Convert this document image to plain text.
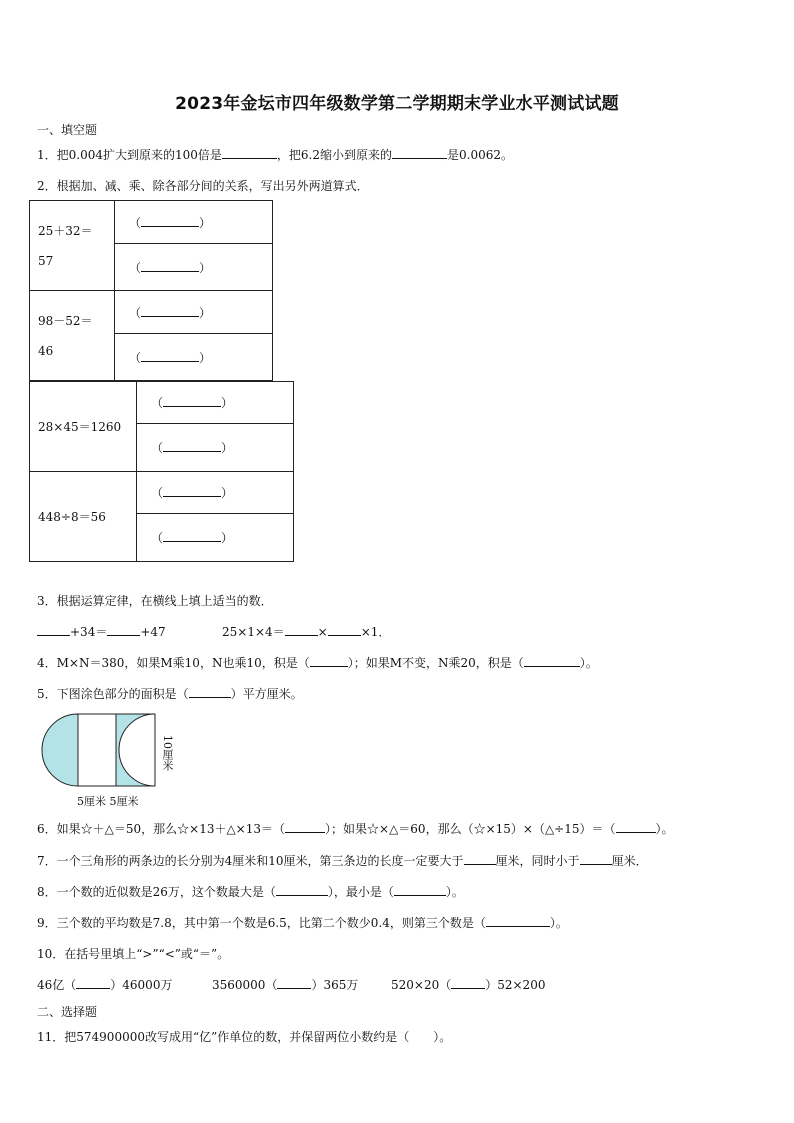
2023年金坛市四年级数学第二学期期末学业水平测试试题
一、填空题
1．把0.004扩大到原来的100倍是	，把6.2缩小到原来的	是0.0062。
2．根据加、减、乘、除各部分间的关系，写出另外两道算式．
25＋32＝
57	（ ）
	（ ）

98－52＝
46	（ ）
	（ ）
28×45＝1260	（ ）
	（ ）
448÷8＝56	（ ）
	（ ）
3．根据运算定律，在横线上填上适当的数．
+34＝	+47	25×1×4＝	×	×1．
4．M×N＝380，如果M乘10，N也乘10，积是（	）；如果M不变，N乘20，积是（	）。
5．下图涂色部分的面积是（	）平方厘米。
10厘米
5厘米 5厘米
6．如果☆＋△＝50，那么☆×13＋△×13＝（	）；如果☆×△＝60，那么（☆×15）×（△÷15）＝（	）。
7．一个三角形的两条边的长分别为4厘米和10厘米，第三条边的长度一定要大于	厘米，同时小于	厘米．
8．一个数的近似数是26万，这个数最大是（	），最小是（	）。
9．三个数的平均数是7.8，其中第一个数是6.5，比第二个数少0.4，则第三个数是（	）。
10．在括号里填上“>”“<”或“＝”。
46亿（	）46000万	3560000（	）365万	520×20（	）52×200
二、选择题
11．把574900000改写成用“亿”作单位的数，并保留两位小数约是（　　）。
